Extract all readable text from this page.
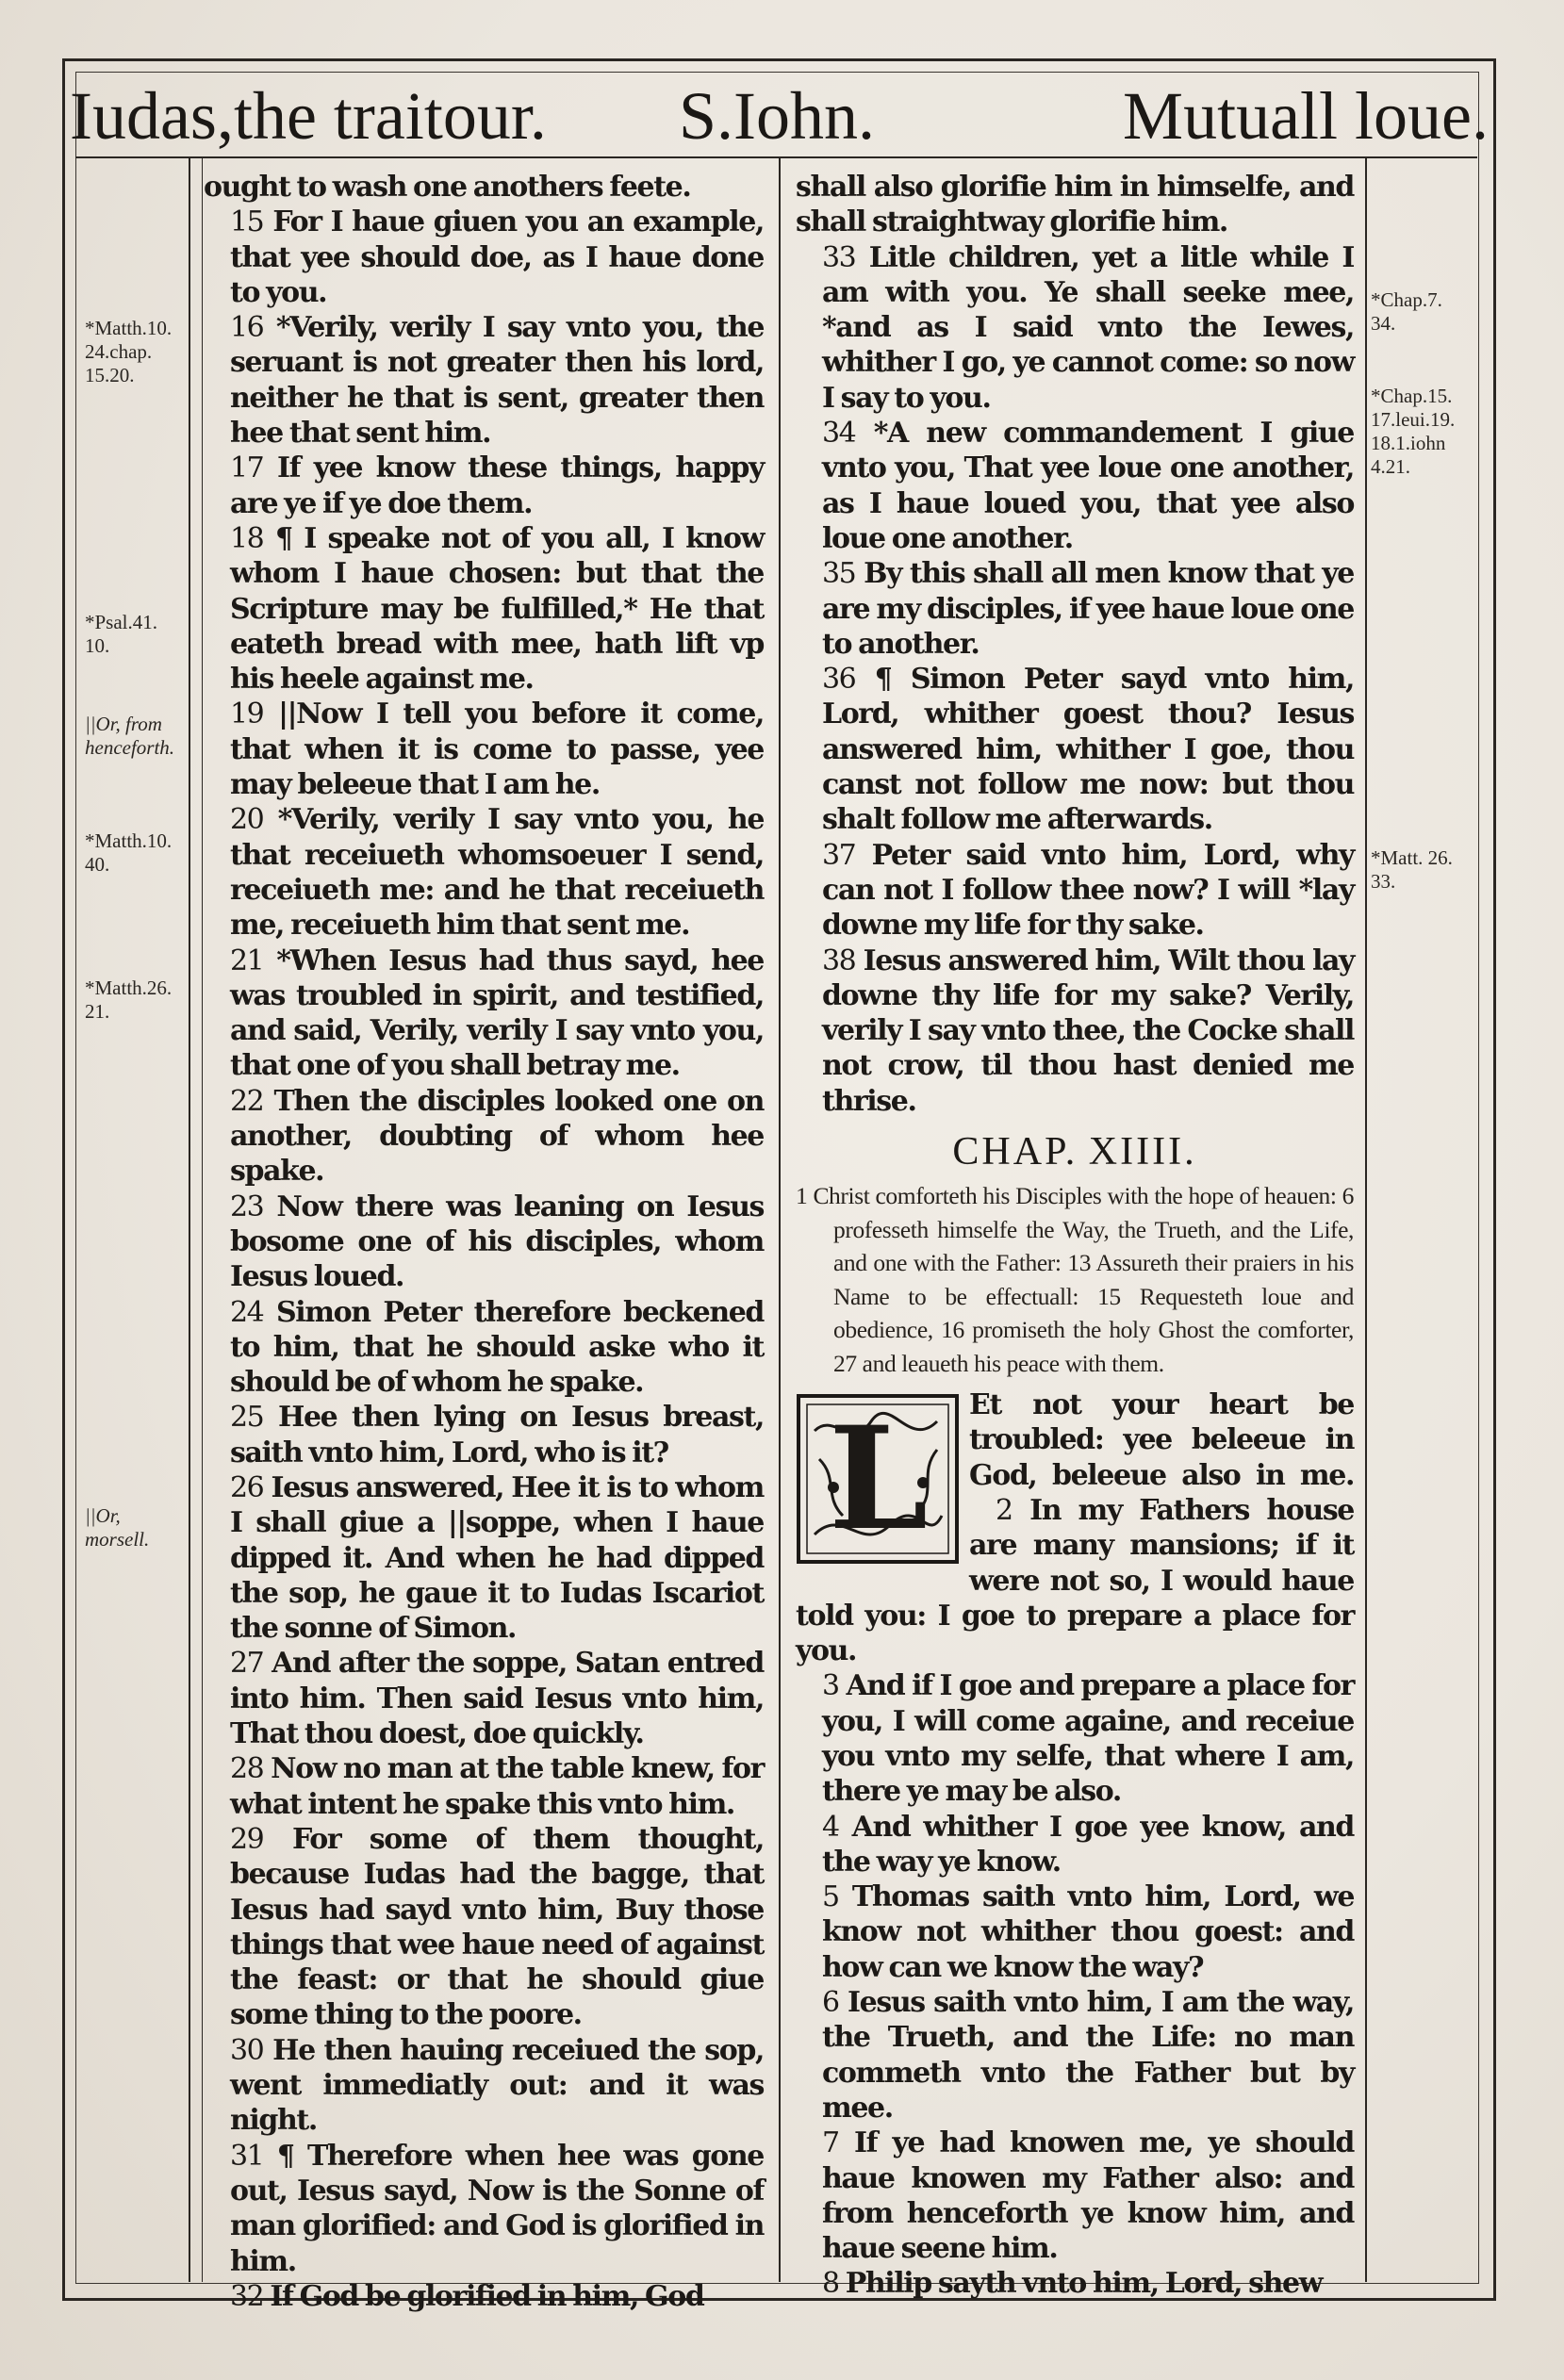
Iudas,the traitour. S.Iohn.	Mutuall loue.
*Matth.10. 24.chap. 15.20.
*Psal.41. 10.
||Or, from henceforth.
*Matth.10. 40.
*Matth.26. 21.
||Or, morsell.
*Chap.7. 34.
*Chap.15. 17.leui.19. 18.1.iohn 4.21.
*Matt. 26. 33.
ought to wash one anothers feete.
15 For I haue giuen you an example, that yee should doe, as I haue done to you.
16 *Verily, verily I say vnto you, the seruant is not greater then his lord, neither he that is sent, greater then hee that sent him.
17 If yee know these things, happy are ye if ye doe them.
18 ¶ I speake not of you all, I know whom I haue chosen: but that the Scripture may be fulfilled,* He that eateth bread with mee, hath lift vp his heele against me.
19 ||Now I tell you before it come, that when it is come to passe, yee may beleeue that I am he.
20 *Verily, verily I say vnto you, he that receiueth whomsoeuer I send, receiueth me: and he that receiueth me, receiueth him that sent me.
21 *When Iesus had thus sayd, hee was troubled in spirit, and testified, and said, Verily, verily I say vnto you, that one of you shall betray me.
22 Then the disciples looked one on another, doubting of whom hee spake.
23 Now there was leaning on Iesus bosome one of his disciples, whom Iesus loued.
24 Simon Peter therefore beckened to him, that he should aske who it should be of whom he spake.
25 Hee then lying on Iesus breast, saith vnto him, Lord, who is it?
26 Iesus answered, Hee it is to whom I shall giue a ||soppe, when I haue dipped it. And when he had dipped the sop, he gaue it to Iudas Iscariot the sonne of Simon.
27 And after the soppe, Satan entred into him. Then said Iesus vnto him, That thou doest, doe quickly.
28 Now no man at the table knew, for what intent he spake this vnto him.
29 For some of them thought, because Iudas had the bagge, that Iesus had sayd vnto him, Buy those things that wee haue need of against the feast: or that he should giue some thing to the poore.
30 He then hauing receiued the sop, went immediatly out: and it was night.
31 ¶ Therefore when hee was gone out, Iesus sayd, Now is the Sonne of man glorified: and God is glorified in him.
32 If God be glorified in him, God
shall also glorifie him in himselfe, and shall straightway glorifie him.
33 Litle children, yet a litle while I am with you. Ye shall seeke mee, *and as I said vnto the Iewes, whither I go, ye cannot come: so now I say to you.
34 *A new commandement I giue vnto you, That yee loue one another, as I haue loued you, that yee also loue one another.
35 By this shall all men know that ye are my disciples, if yee haue loue one to another.
36 ¶ Simon Peter sayd vnto him, Lord, whither goest thou? Iesus answered him, whither I goe, thou canst not follow me now: but thou shalt follow me afterwards.
37 Peter said vnto him, Lord, why can not I follow thee now? I will *lay downe my life for thy sake.
38 Iesus answered him, Wilt thou lay downe thy life for my sake? Verily, verily I say vnto thee, the Cocke shall not crow, til thou hast denied me thrise.
CHAP. XIIII.
1 Christ comforteth his Disciples with the hope of heauen: 6 professeth himselfe the Way, the Trueth, and the Life, and one with the Father: 13 Assureth their praiers in his Name to be effectuall: 15 Requesteth loue and obedience, 16 promiseth the holy Ghost the comforter, 27 and leaueth his peace with them.
L	Et not your heart be troubled: yee beleeue in God, beleeue also in me. 2 In my Fathers house are many mansions; if it were not so, I would haue told you: I goe to prepare a place for you.
3 And if I goe and prepare a place for you, I will come againe, and receiue you vnto my selfe, that where I am, there ye may be also.
4 And whither I goe yee know, and the way ye know.
5 Thomas saith vnto him, Lord, we know not whither thou goest: and how can we know the way?
6 Iesus saith vnto him, I am the way, the Trueth, and the Life: no man commeth vnto the Father but by mee.
7 If ye had knowen me, ye should haue knowen my Father also: and from henceforth ye know him, and haue seene him.
8 Philip sayth vnto him, Lord, shew
